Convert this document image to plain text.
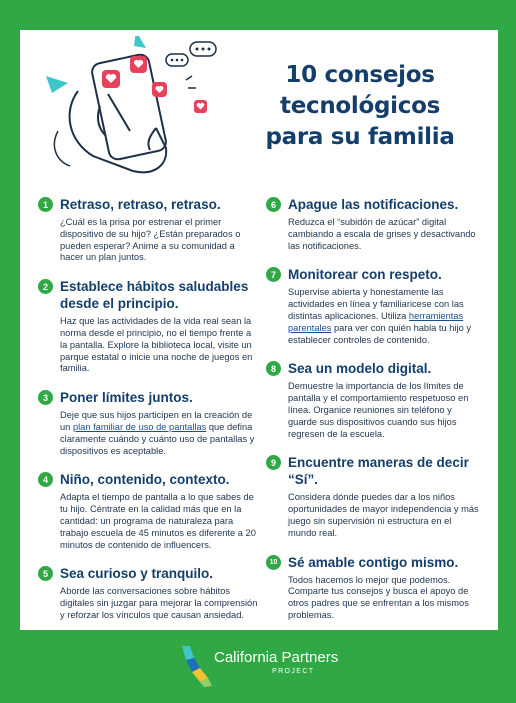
10 consejos
tecnológicos
para su familia
1 Retraso, retraso, retraso.

¿Cuál es la prisa por estrenar el primer dispositivo de su hijo? ¿Están preparados o pueden esperar? Anime a su comunidad a hacer un plan juntos.

2 Establece hábitos saludables desde el principio.

Haz que las actividades de la vida real sean la norma desde el principio, no el tiempo frente a la pantalla. Explore la biblioteca local, visite un parque estatal o inicie una noche de juegos en familia.

3 Poner límites juntos.

Deje que sus hijos participen en la creación de un plan familiar de uso de pantallas que defina claramente cuándo y cuánto uso de pantallas y dispositivos es aceptable.

4 Niño, contenido, contexto.

Adapta el tiempo de pantalla a lo que sabes de tu hijo. Céntrate en la calidad más que en la cantidad: un programa de naturaleza para trabajo escuela de 45 minutos es diferente a 20 minutos de contenido de influencers.

5 Sea curioso y tranquilo.

Aborde las conversaciones sobre hábitos digitales sin juzgar para mejorar la comprensión y reforzar los vínculos que causan ansiedad.

6 Apague las notificaciones.

Reduzca el “subidón de azúcar” digital cambiando a escala de grises y desactivando las notificaciones.

7 Monitorear con respeto.

Supervise abierta y honestamente las actividades en línea y familiaricese con las distintas aplicaciones. Utiliza herramientas parentales para ver con quién habla tu hijo y establecer controles de contenido.

8 Sea un modelo digital.

Demuestre la importancia de los límites de pantalla y el comportamiento respetuoso en línea. Organice reuniones sin teléfono y guarde sus dispositivos cuando sus hijos regresen de la escuela.

9 Encuentre maneras de decir “Sí”.

Considera dónde puedes dar a los niños oportunidades de mayor independencia y más juego sin supervisión ni estructura en el mundo real.

10 Sé amable contigo mismo.

Todos hacemos lo mejor que podemos. Comparte tus consejos y busca el apoyo de otros padres que se enfrentan a los mismos problemas.

California Partners
PROJECT
